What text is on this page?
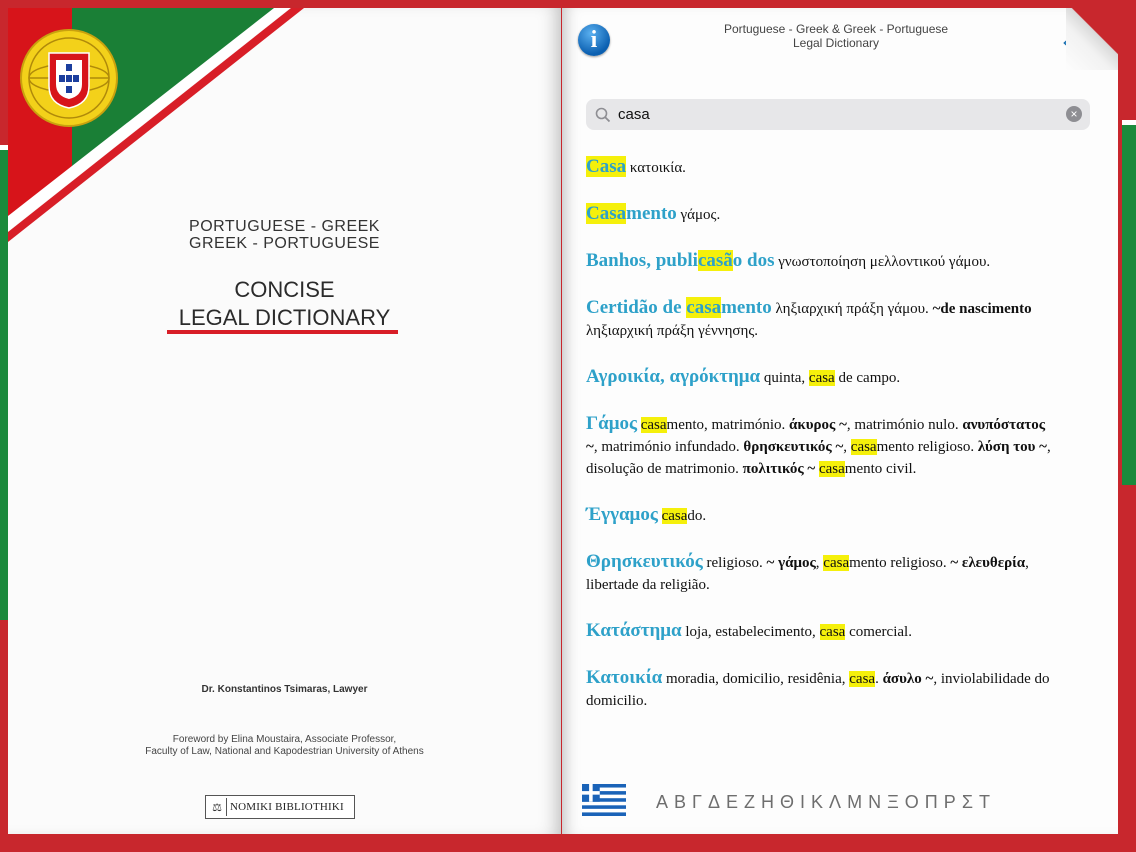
PORTUGUESE - GREEK
GREEK - PORTUGUESE
CONCISE
LEGAL DICTIONARY
Dr. Konstantinos Tsimaras, Lawyer
Foreword by Elina Moustaira, Associate Professor,
Faculty of Law, National and Kapodestrian University of Athens
⚖ NOMIKI BIBLIOTHIKI
i	Portuguese - Greek & Greek - Portuguese
Legal Dictionary
casa
×
Casa κατοικία.
Casamento γάμος.
Banhos, publicasão dos γνωστοποίηση μελλοντικού γάμου.
Certidão de casamento ληξιαρχική πράξη γάμου. ~de nascimento ληξιαρχική πράξη γέννησης.
Αγροικία, αγρόκτημα quinta, casa de campo.
Γάμος casamento, matrimónio. άκυρος ~, matrimónio nulo. ανυπόστατος ~, matrimónio infundado. θρησκευτικός ~, casamento religioso. λύση του ~, disolução de matrimonio. πολιτικός ~ casamento civil.
Έγγαμος casado.
Θρησκευτικός religioso. ~ γάμος, casamento religioso. ~ ελευθερία, libertade da religião.
Κατάστημα loja, estabelecimento, casa comercial.
Κατοικία moradia, domicilio, residênia, casa. άσυλο ~, inviolabilidade do domicilio.
Α Β Γ Δ Ε Ζ Η Θ Ι Κ Λ Μ Ν Ξ Ο Π Ρ Σ Τ
